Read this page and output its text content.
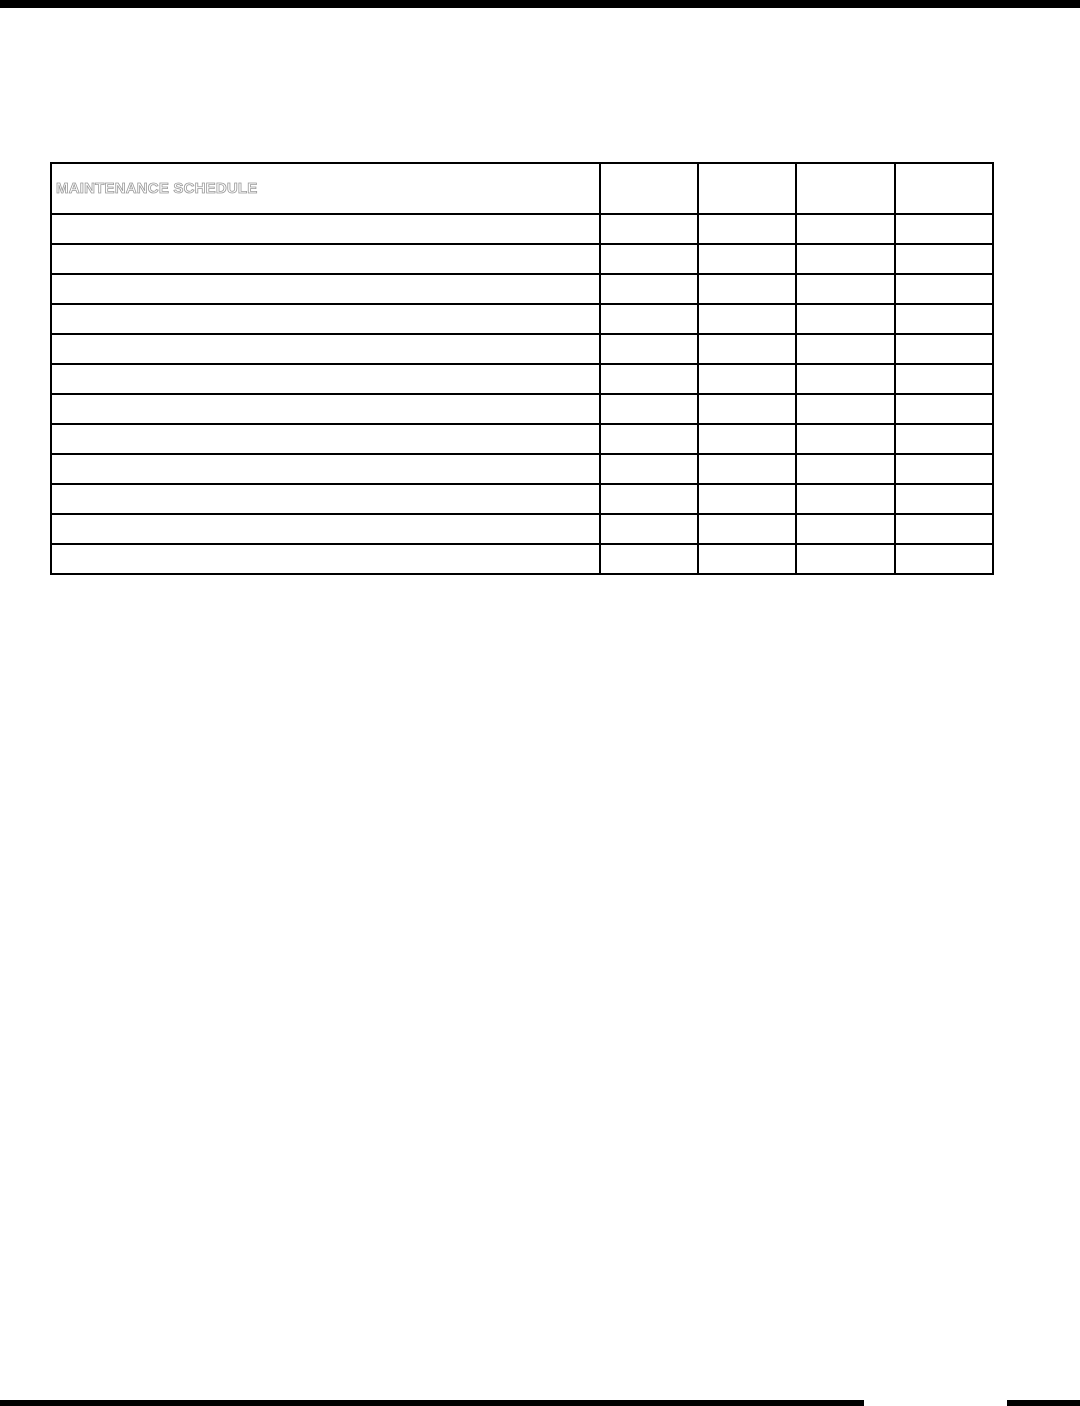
MAINTENANCE SCHEDULE				
